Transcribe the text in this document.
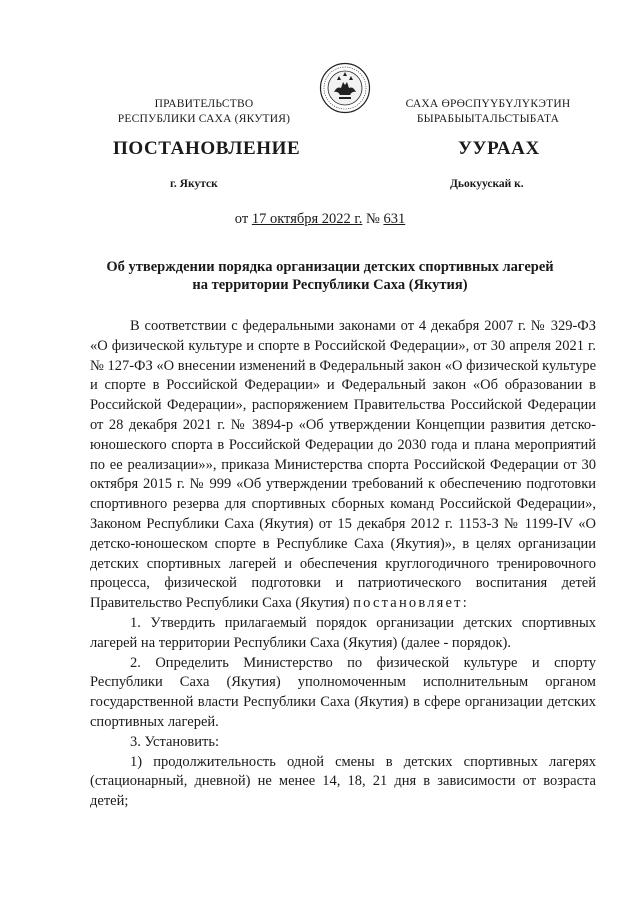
ПРАВИТЕЛЬСТВО
РЕСПУБЛИКИ САХА (ЯКУТИЯ)
САХА ӨРӨСПҮҮБҮЛҮКЭТИН
БЫРАБЫЫТАЛЬСТЫБАТА
ПОСТАНОВЛЕНИЕ	УУРААХ
г. Якутск	Дьокуускай к.
от 17 октября 2022 г. № 631
Об утверждении порядка организации детских спортивных лагерей
на территории Республики Саха (Якутия)

В соответствии с федеральными законами от 4 декабря 2007 г. № 329-ФЗ «О физической культуре и спорте в Российской Федерации», от 30 апреля 2021 г. № 127-ФЗ «О внесении изменений в Федеральный закон «О физической культуре и спорте в Российской Федерации» и Федеральный закон «Об образовании в Российской Федерации», распоряжением Правительства Российской Федерации от 28 декабря 2021 г. № 3894-р «Об утверждении Концепции развития детско-юношеского спорта в Российской Федерации до 2030 года и плана мероприятий по ее реализации»», приказа Министерства спорта Российской Федерации от 30 октября 2015 г. № 999 «Об утверждении требований к обеспечению подготовки спортивного резерва для спортивных сборных команд Российской Федерации», Законом Республики Саха (Якутия) от 15 декабря 2012 г. 1153-З № 1199-IV «О детско-юношеском спорте в Республике Саха (Якутия)», в целях организации детских спортивных лагерей и обеспечения круглогодичного тренировочного процесса, физической подготовки и патриотического воспитания детей Правительство Республики Саха (Якутия) постановляет:

1. Утвердить прилагаемый порядок организации детских спортивных лагерей на территории Республики Саха (Якутия) (далее - порядок).

2. Определить Министерство по физической культуре и спорту Республики Саха (Якутия) уполномоченным исполнительным органом государственной власти Республики Саха (Якутия) в сфере организации детских спортивных лагерей.

3. Установить:

1) продолжительность одной смены в детских спортивных лагерях (стационарный, дневной) не менее 14, 18, 21 дня в зависимости от возраста детей;
